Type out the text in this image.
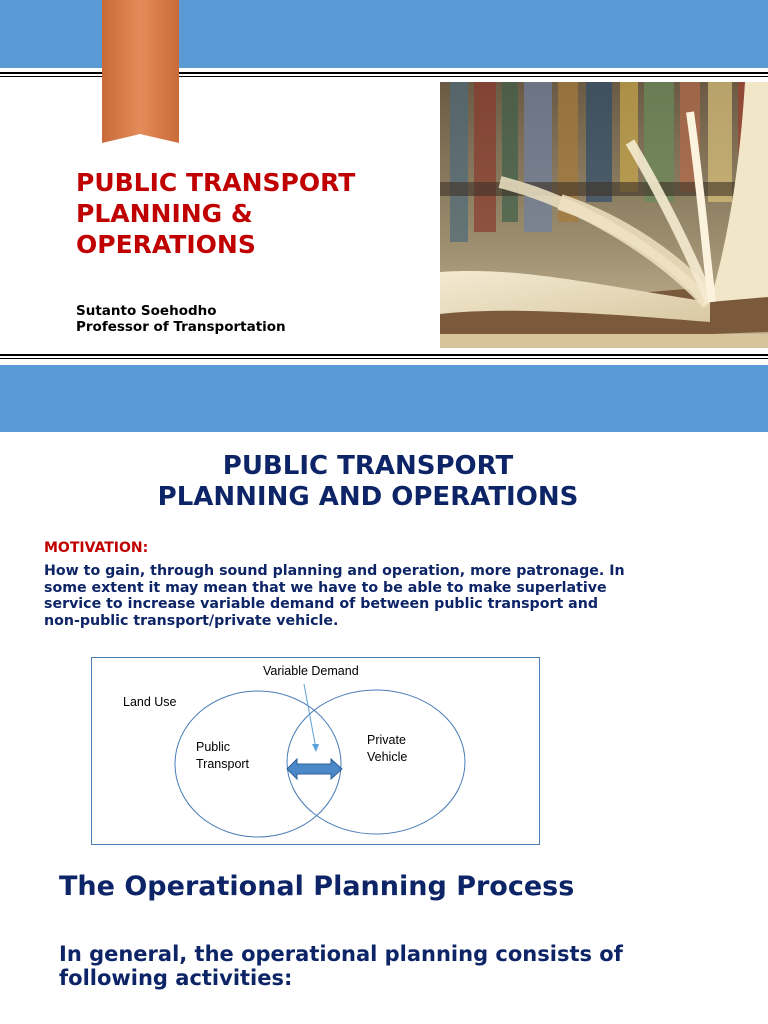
PUBLIC TRANSPORT PLANNING & OPERATIONS
Sutanto Soehodho
Professor of Transportation
PUBLIC TRANSPORT
PLANNING AND OPERATIONS
MOTIVATION:
How to gain, through sound planning and operation, more patronage. In some extent it may mean that we have to be able to make superlative service to increase variable demand of between public transport and non-public transport/private vehicle.
Variable Demand
Land Use
Public
Transport
Private
Vehicle
The Operational Planning Process
In general, the operational planning consists of following activities:
